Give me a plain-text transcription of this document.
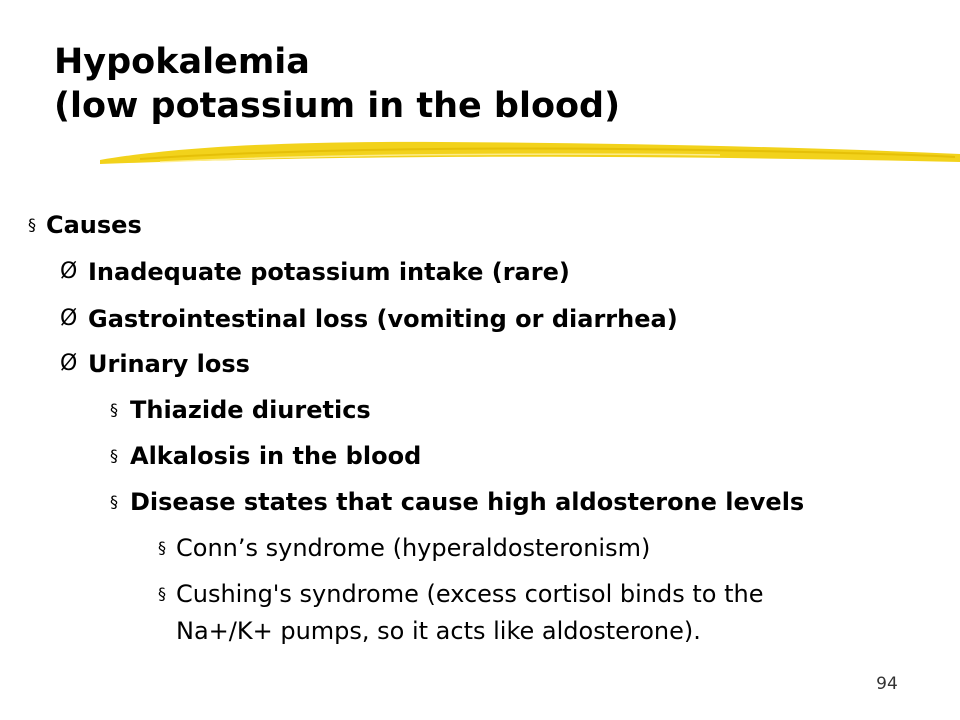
Hypokalemia
(low potassium in the blood)
§ Causes
Ø Inadequate potassium intake (rare)
Ø Gastrointestinal loss (vomiting or diarrhea)
Ø Urinary loss
§ Thiazide diuretics
§ Alkalosis in the blood
§ Disease states that cause high aldosterone levels
§ Conn’s syndrome (hyperaldosteronism)
§ Cushing's syndrome (excess cortisol binds to the
Na+/K+ pumps, so it acts like aldosterone).
94
